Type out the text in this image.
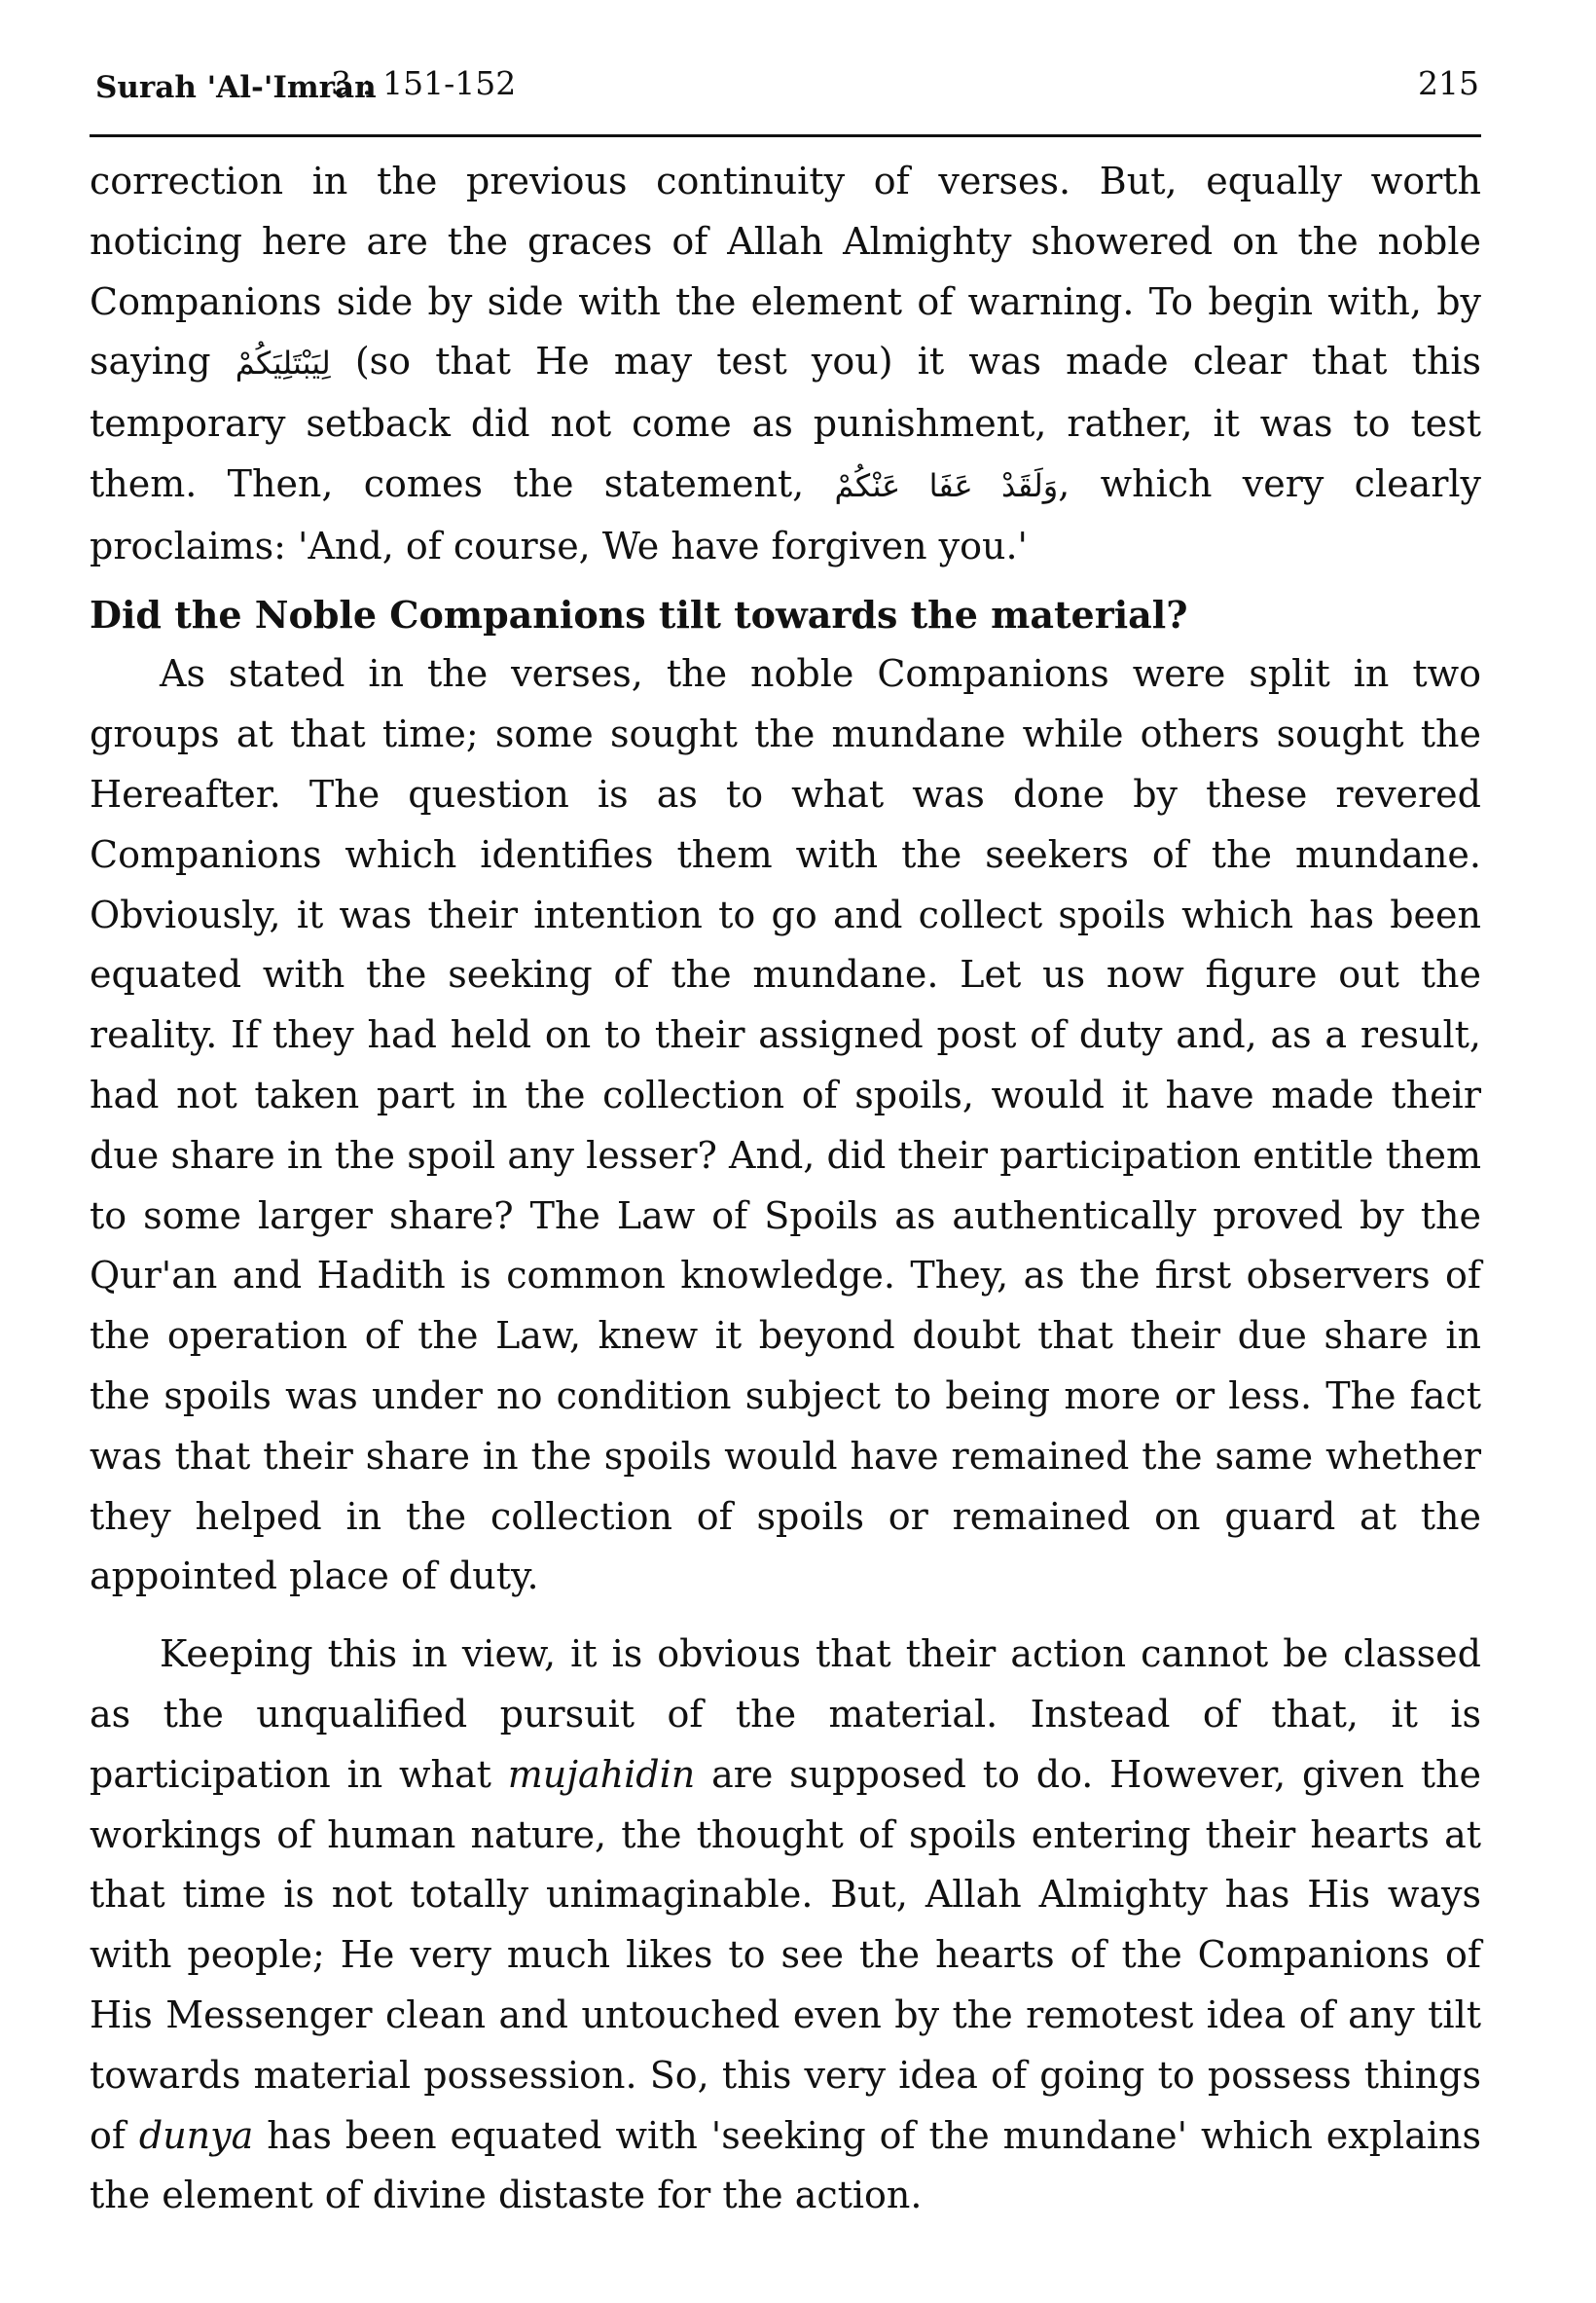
Surah 'Al-'Imran
3 : 151-152	215

correction in the previous continuity of verses. But, equally worth noticing here are the graces of Allah Almighty showered on the noble Companions side by side with the element of warning. To begin with, by saying لِيَبْتَلِيَكُمْ (so that He may test you) it was made clear that this temporary setback did not come as punishment, rather, it was to test them. Then, comes the statement, وَلَقَدْ عَفَا عَنْكُمْ, which very clearly proclaims: 'And, of course, We have forgiven you.'

Did the Noble Companions tilt towards the material?

As stated in the verses, the noble Companions were split in two groups at that time; some sought the mundane while others sought the Hereafter. The question is as to what was done by these revered Companions which identifies them with the seekers of the mundane. Obviously, it was their intention to go and collect spoils which has been equated with the seeking of the mundane. Let us now figure out the reality. If they had held on to their assigned post of duty and, as a result, had not taken part in the collection of spoils, would it have made their due share in the spoil any lesser? And, did their participation entitle them to some larger share? The Law of Spoils as authentically proved by the Qur'an and Hadith is common knowledge. They, as the first observers of the operation of the Law, knew it beyond doubt that their due share in the spoils was under no condition subject to being more or less. The fact was that their share in the spoils would have remained the same whether they helped in the collection of spoils or remained on guard at the appointed place of duty.

Keeping this in view, it is obvious that their action cannot be classed as the unqualified pursuit of the material. Instead of that, it is participation in what mujahidin are supposed to do. However, given the workings of human nature, the thought of spoils entering their hearts at that time is not totally unimaginable. But, Allah Almighty has His ways with people; He very much likes to see the hearts of the Companions of His Messenger clean and untouched even by the remotest idea of any tilt towards material possession. So, this very idea of going to possess things of dunya has been equated with 'seeking of the mundane' which explains the element of divine distaste for the action.
